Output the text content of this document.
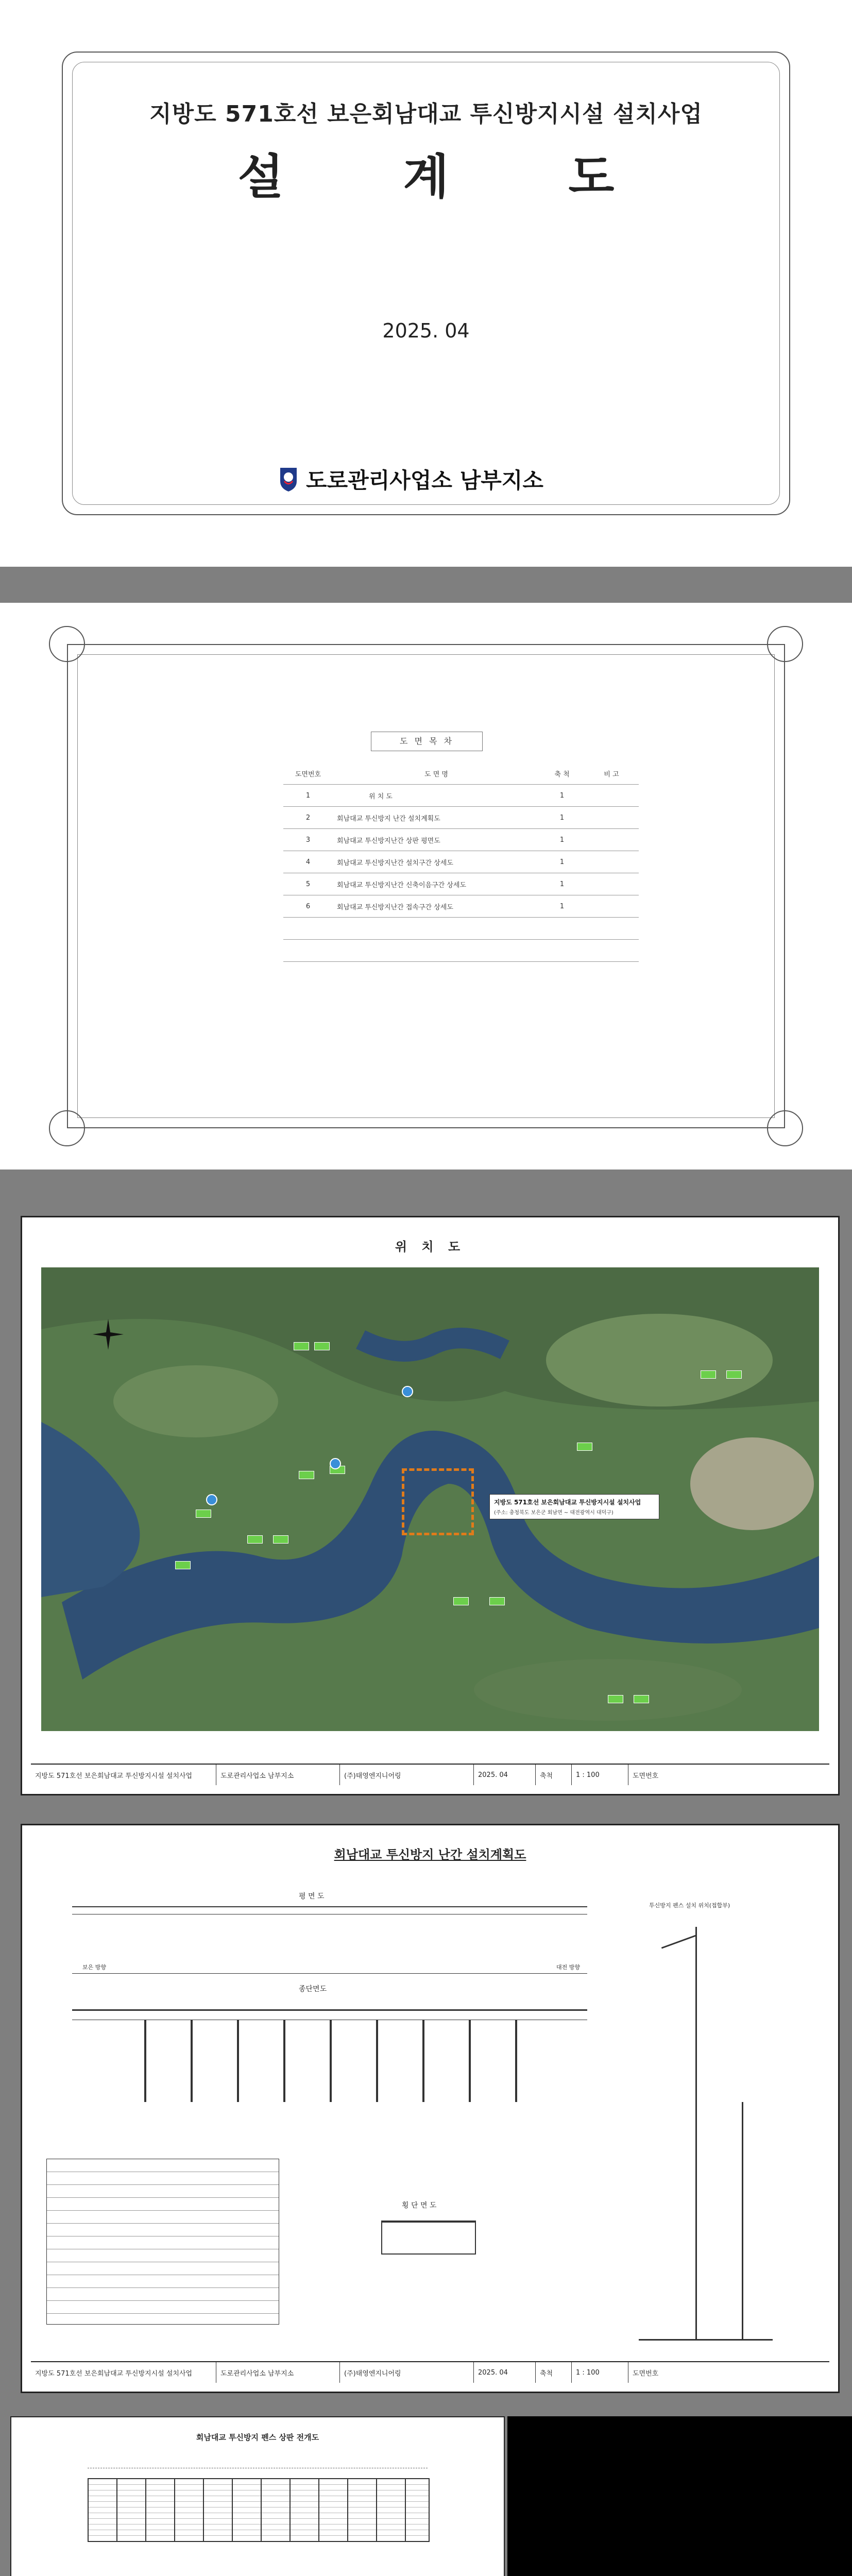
지방도 571호선 보은회남대교 투신방지시설 설치사업
설 계 도
2025. 04
도로관리사업소 남부지소
도 면 목 차
도면번호	도 면 명	축 척	비 고
1	위 치 도	1	
2	회남대교 투신방지 난간 설치계획도	1	
3	회남대교 투신방지난간 상판 평면도	1	
4	회남대교 투신방지난간 설치구간 상세도	1	
5	회남대교 투신방지난간 신축이음구간 상세도	1	
6	회남대교 투신방지난간 접속구간 상세도	1	

위 치 도
지방도 571호선 보은회남대교 투신방지시설 설치사업
(주소: 충청북도 보은군 회남면 ~ 대전광역시 대덕구)
지방도 571호선 보은회남대교 투신방지시설 설치사업	도로관리사업소 남부지소	(주)태영엔지니어링	2025. 04	축척	1 : 100	도면번호
회남대교 투신방지 난간 설치계획도
평 면 도
보은 방향	대전 방향
종단면도
횡 단 면 도
투신방지 펜스 설치 위치(접합부)
지방도 571호선 보은회남대교 투신방지시설 설치사업	도로관리사업소 남부지소	(주)태영엔지니어링	2025. 04	축척	1 : 100	도면번호
회남대교 투신방지 펜스 상판 전개도
